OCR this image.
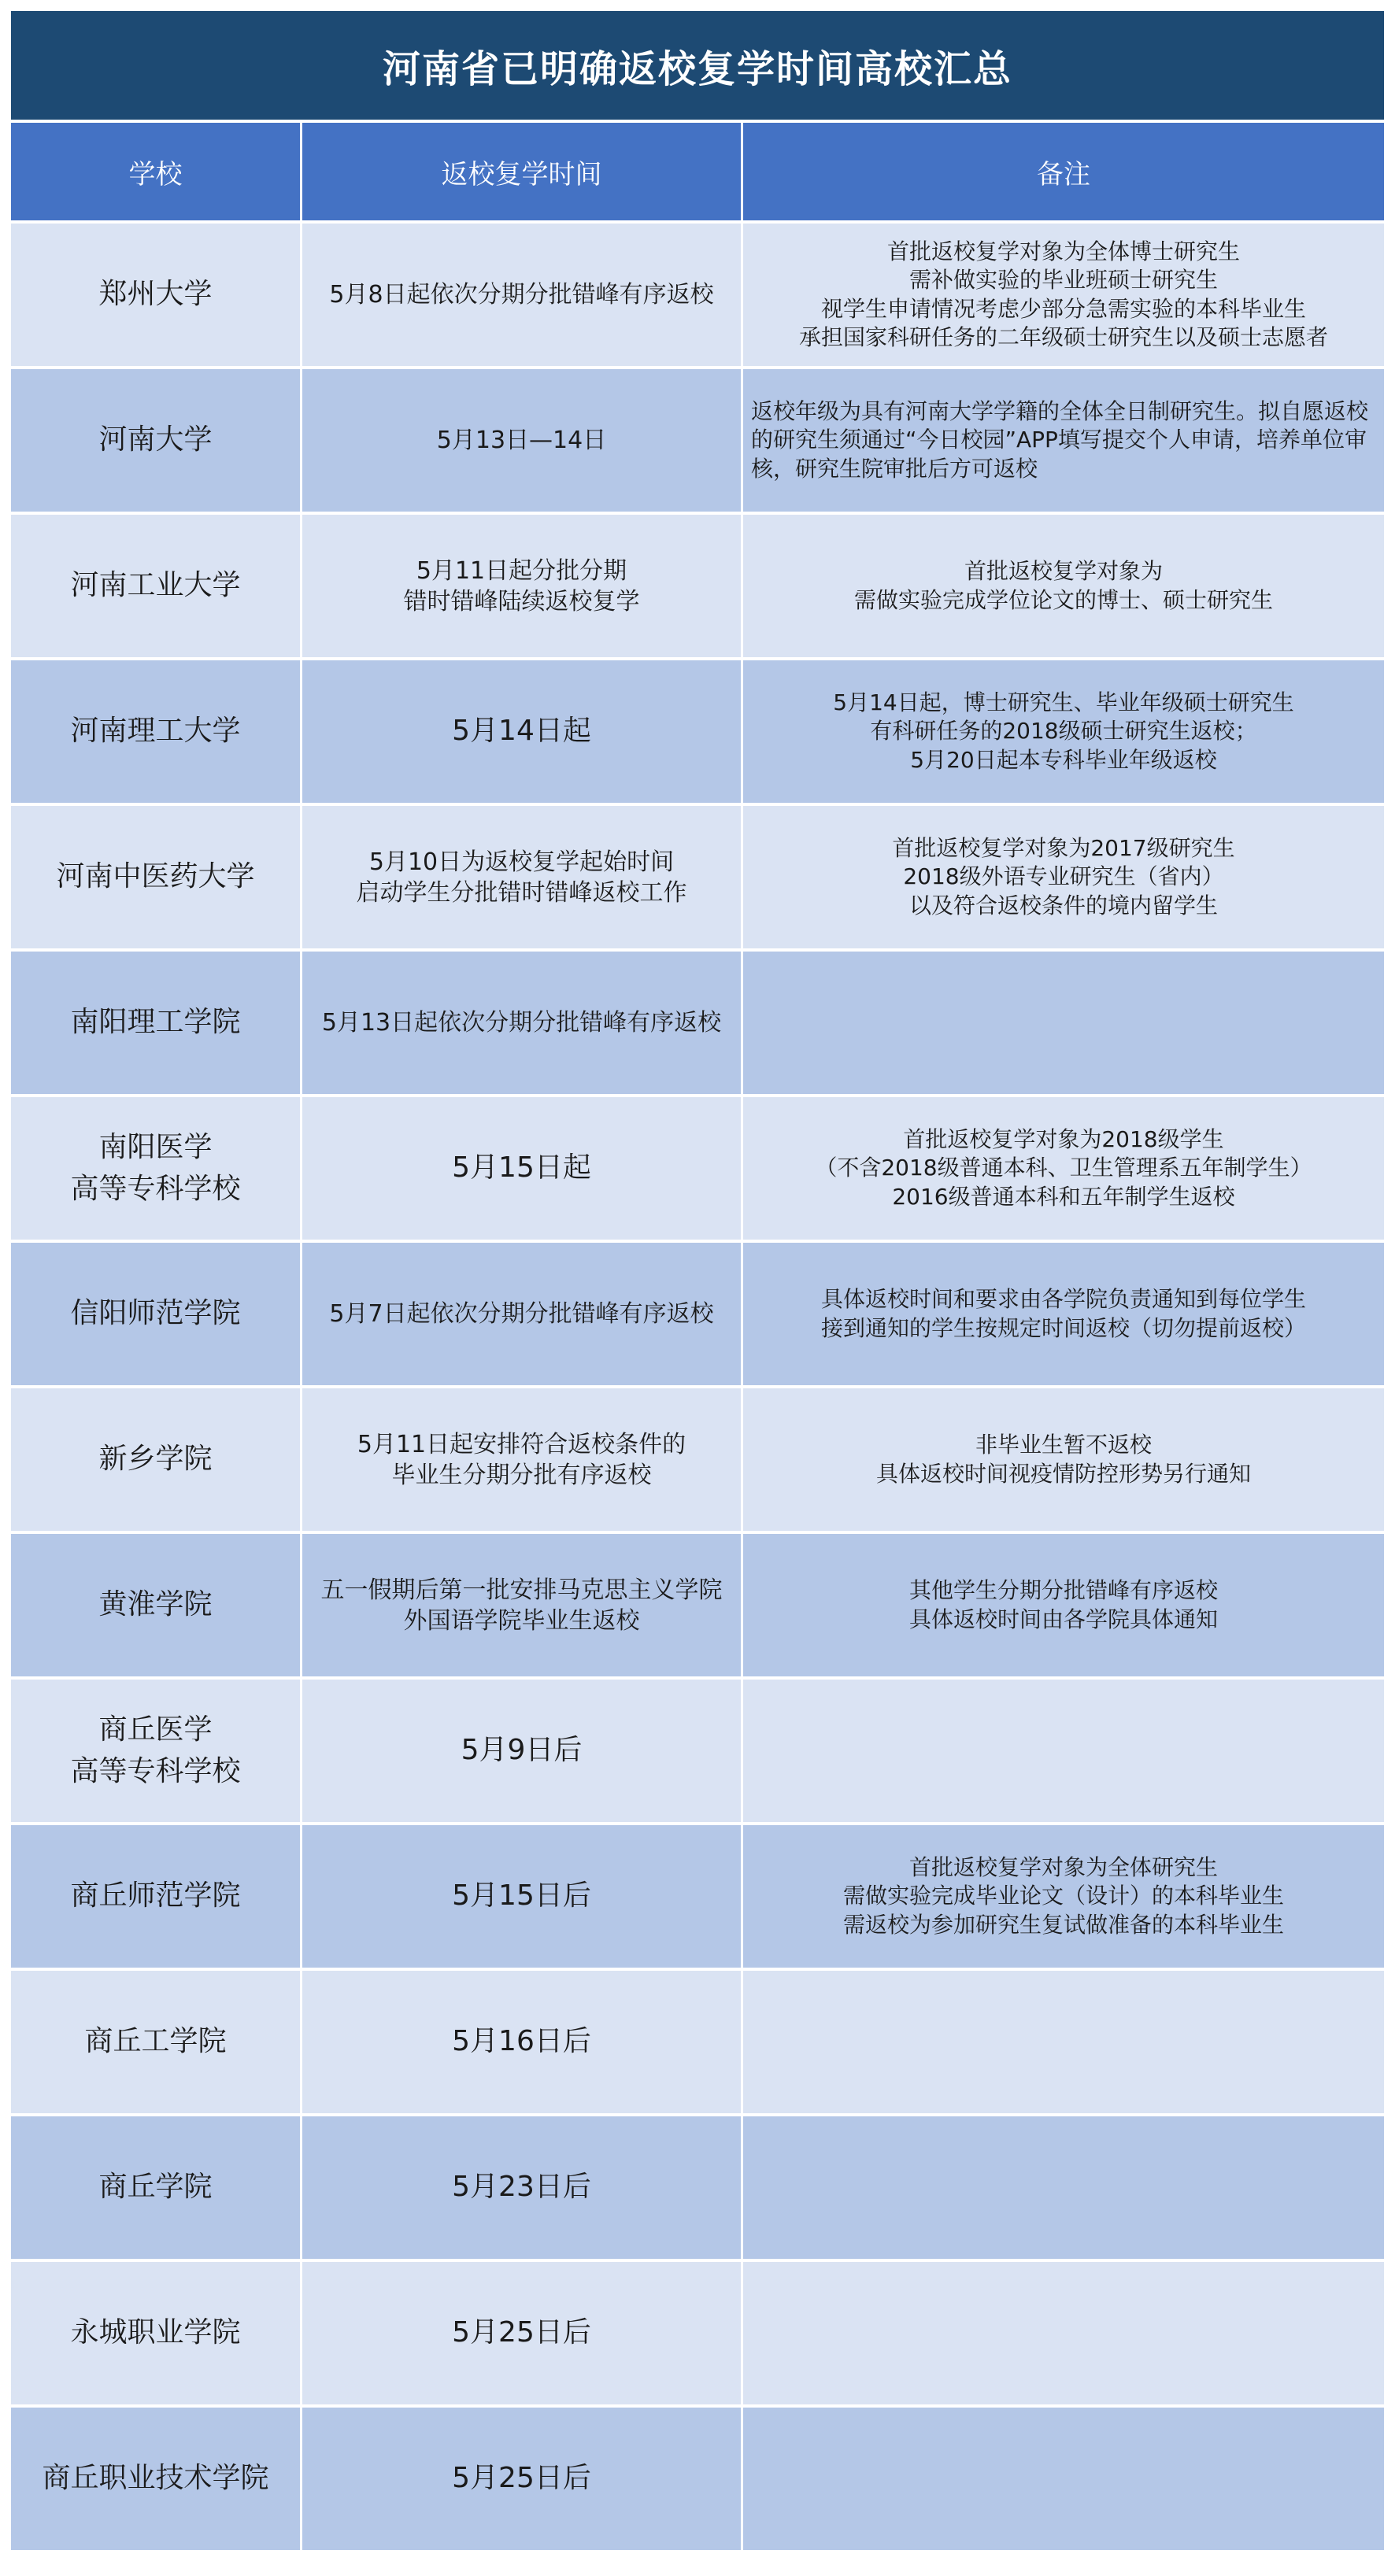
河南省已明确返校复学时间高校汇总
学校	返校复学时间	备注

郑州大学	5月8日起依次分期分批错峰有序返校	首批返校复学对象为全体博士研究生
需补做实验的毕业班硕士研究生
视学生申请情况考虑少部分急需实验的本科毕业生
承担国家科研任务的二年级硕士研究生以及硕士志愿者

河南大学	5月13日—14日	返校年级为具有河南大学学籍的全体全日制研究生。拟自愿返校的研究生须通过“今日校园”APP填写提交个人申请，培养单位审核，研究生院审批后方可返校

河南工业大学	5月11日起分批分期
错时错峰陆续返校复学	首批返校复学对象为
需做实验完成学位论文的博士、硕士研究生

河南理工大学	5月14日起	5月14日起，博士研究生、毕业年级硕士研究生
有科研任务的2018级硕士研究生返校；
5月20日起本专科毕业年级返校

河南中医药大学	5月10日为返校复学起始时间
启动学生分批错时错峰返校工作	首批返校复学对象为2017级研究生
2018级外语专业研究生（省内）
以及符合返校条件的境内留学生

南阳理工学院	5月13日起依次分期分批错峰有序返校	

南阳医学
高等专科学校	5月15日起	首批返校复学对象为2018级学生
（不含2018级普通本科、卫生管理系五年制学生）
2016级普通本科和五年制学生返校

信阳师范学院	5月7日起依次分期分批错峰有序返校	具体返校时间和要求由各学院负责通知到每位学生
接到通知的学生按规定时间返校（切勿提前返校）

新乡学院	5月11日起安排符合返校条件的
毕业生分期分批有序返校	非毕业生暂不返校
具体返校时间视疫情防控形势另行通知

黄淮学院	五一假期后第一批安排马克思主义学院
外国语学院毕业生返校	其他学生分期分批错峰有序返校
具体返校时间由各学院具体通知

商丘医学
高等专科学校	5月9日后	

商丘师范学院	5月15日后	首批返校复学对象为全体研究生
需做实验完成毕业论文（设计）的本科毕业生
需返校为参加研究生复试做准备的本科毕业生

商丘工学院	5月16日后	

商丘学院	5月23日后	

永城职业学院	5月25日后	

商丘职业技术学院	5月25日后	
